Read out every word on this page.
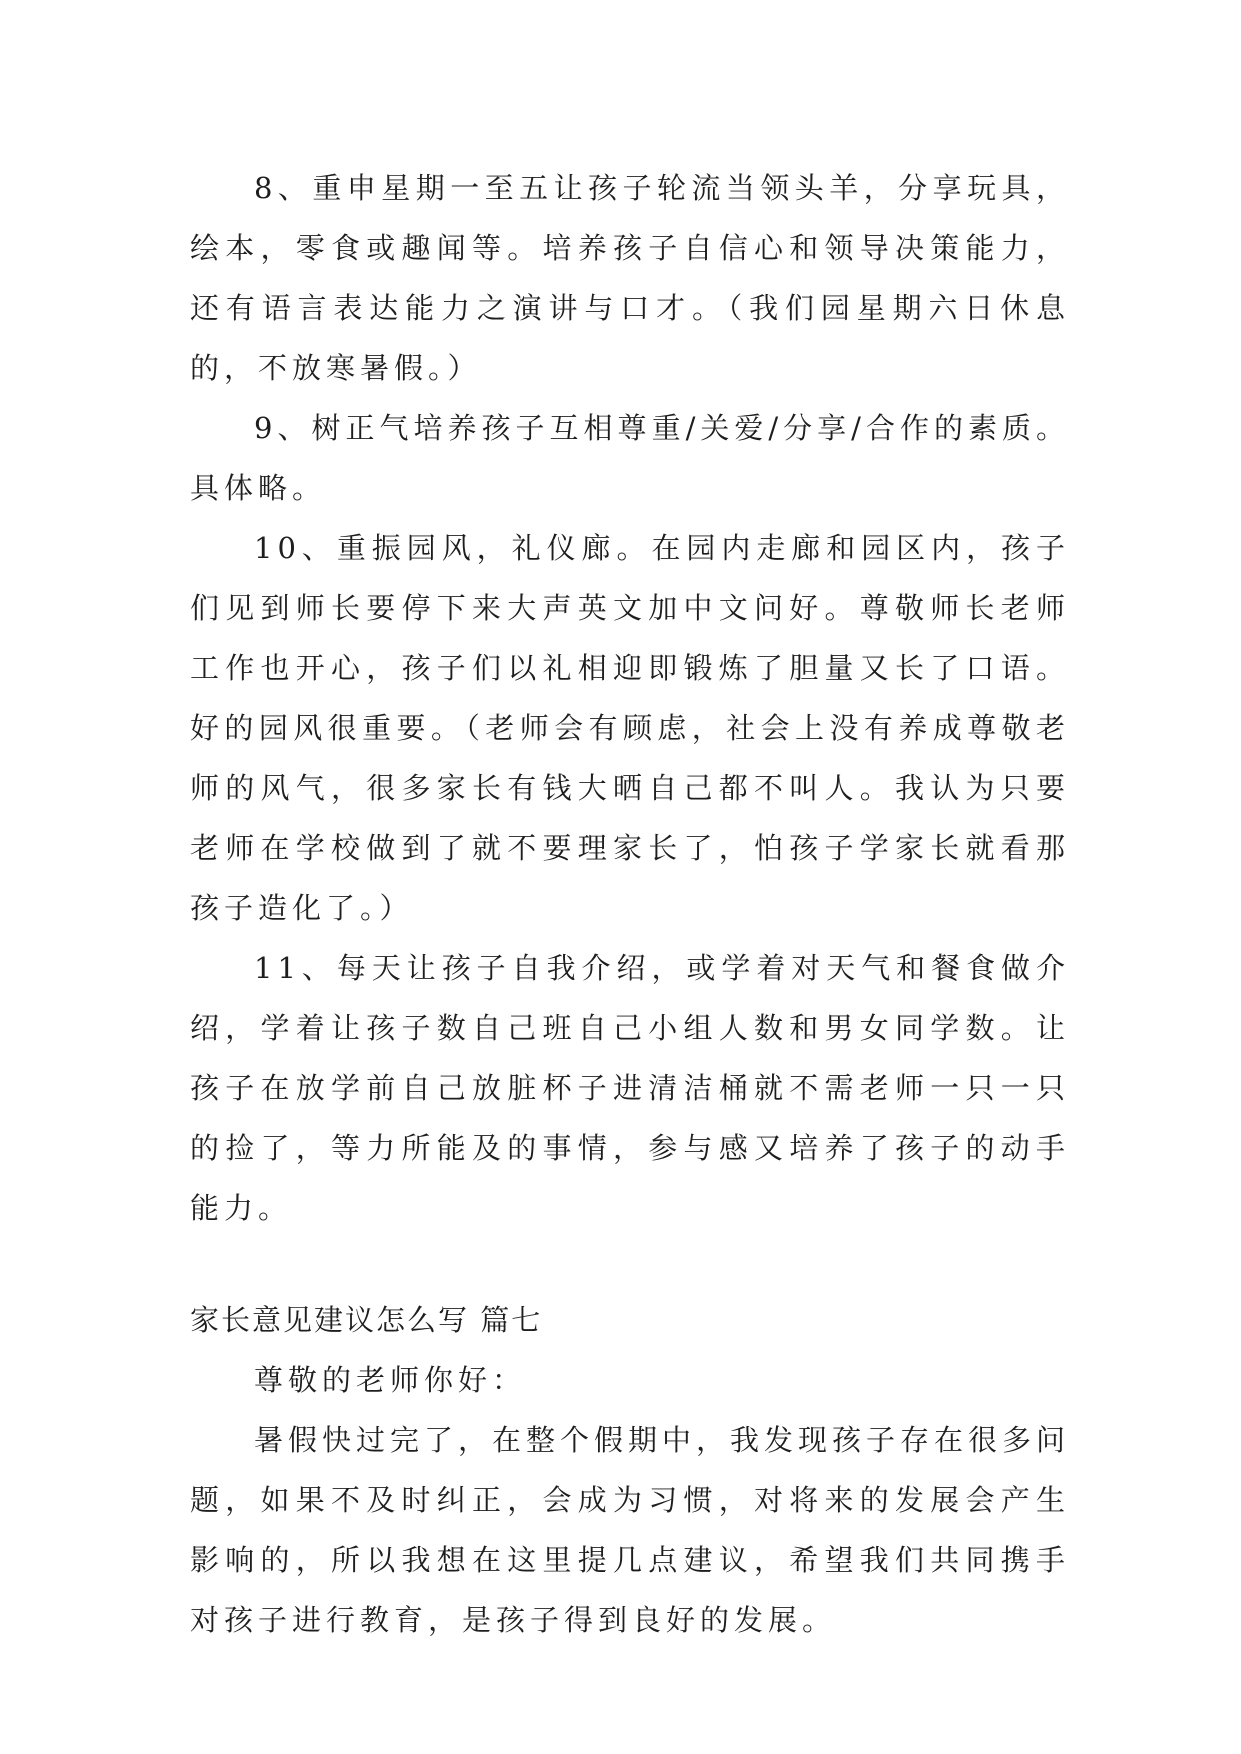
8、重申星期一至五让孩子轮流当领头羊，分享玩具，绘本，零食或趣闻等。培养孩子自信心和领导决策能力，还有语言表达能力之演讲与口才。（我们园星期六日休息的，不放寒暑假。）

9、树正气培养孩子互相尊重/关爱/分享/合作的素质。具体略。

10、重振园风，礼仪廊。在园内走廊和园区内，孩子们见到师长要停下来大声英文加中文问好。尊敬师长老师工作也开心，孩子们以礼相迎即锻炼了胆量又长了口语。好的园风很重要。（老师会有顾虑，社会上没有养成尊敬老师的风气，很多家长有钱大晒自己都不叫人。我认为只要老师在学校做到了就不要理家长了，怕孩子学家长就看那孩子造化了。）

11、每天让孩子自我介绍，或学着对天气和餐食做介绍，学着让孩子数自己班自己小组人数和男女同学数。让孩子在放学前自己放脏杯子进清洁桶就不需老师一只一只的捡了，等力所能及的事情，参与感又培养了孩子的动手能力。

家长意见建议怎么写 篇七

尊敬的老师你好：

暑假快过完了，在整个假期中，我发现孩子存在很多问题，如果不及时纠正，会成为习惯，对将来的发展会产生影响的，所以我想在这里提几点建议，希望我们共同携手对孩子进行教育，是孩子得到良好的发展。
